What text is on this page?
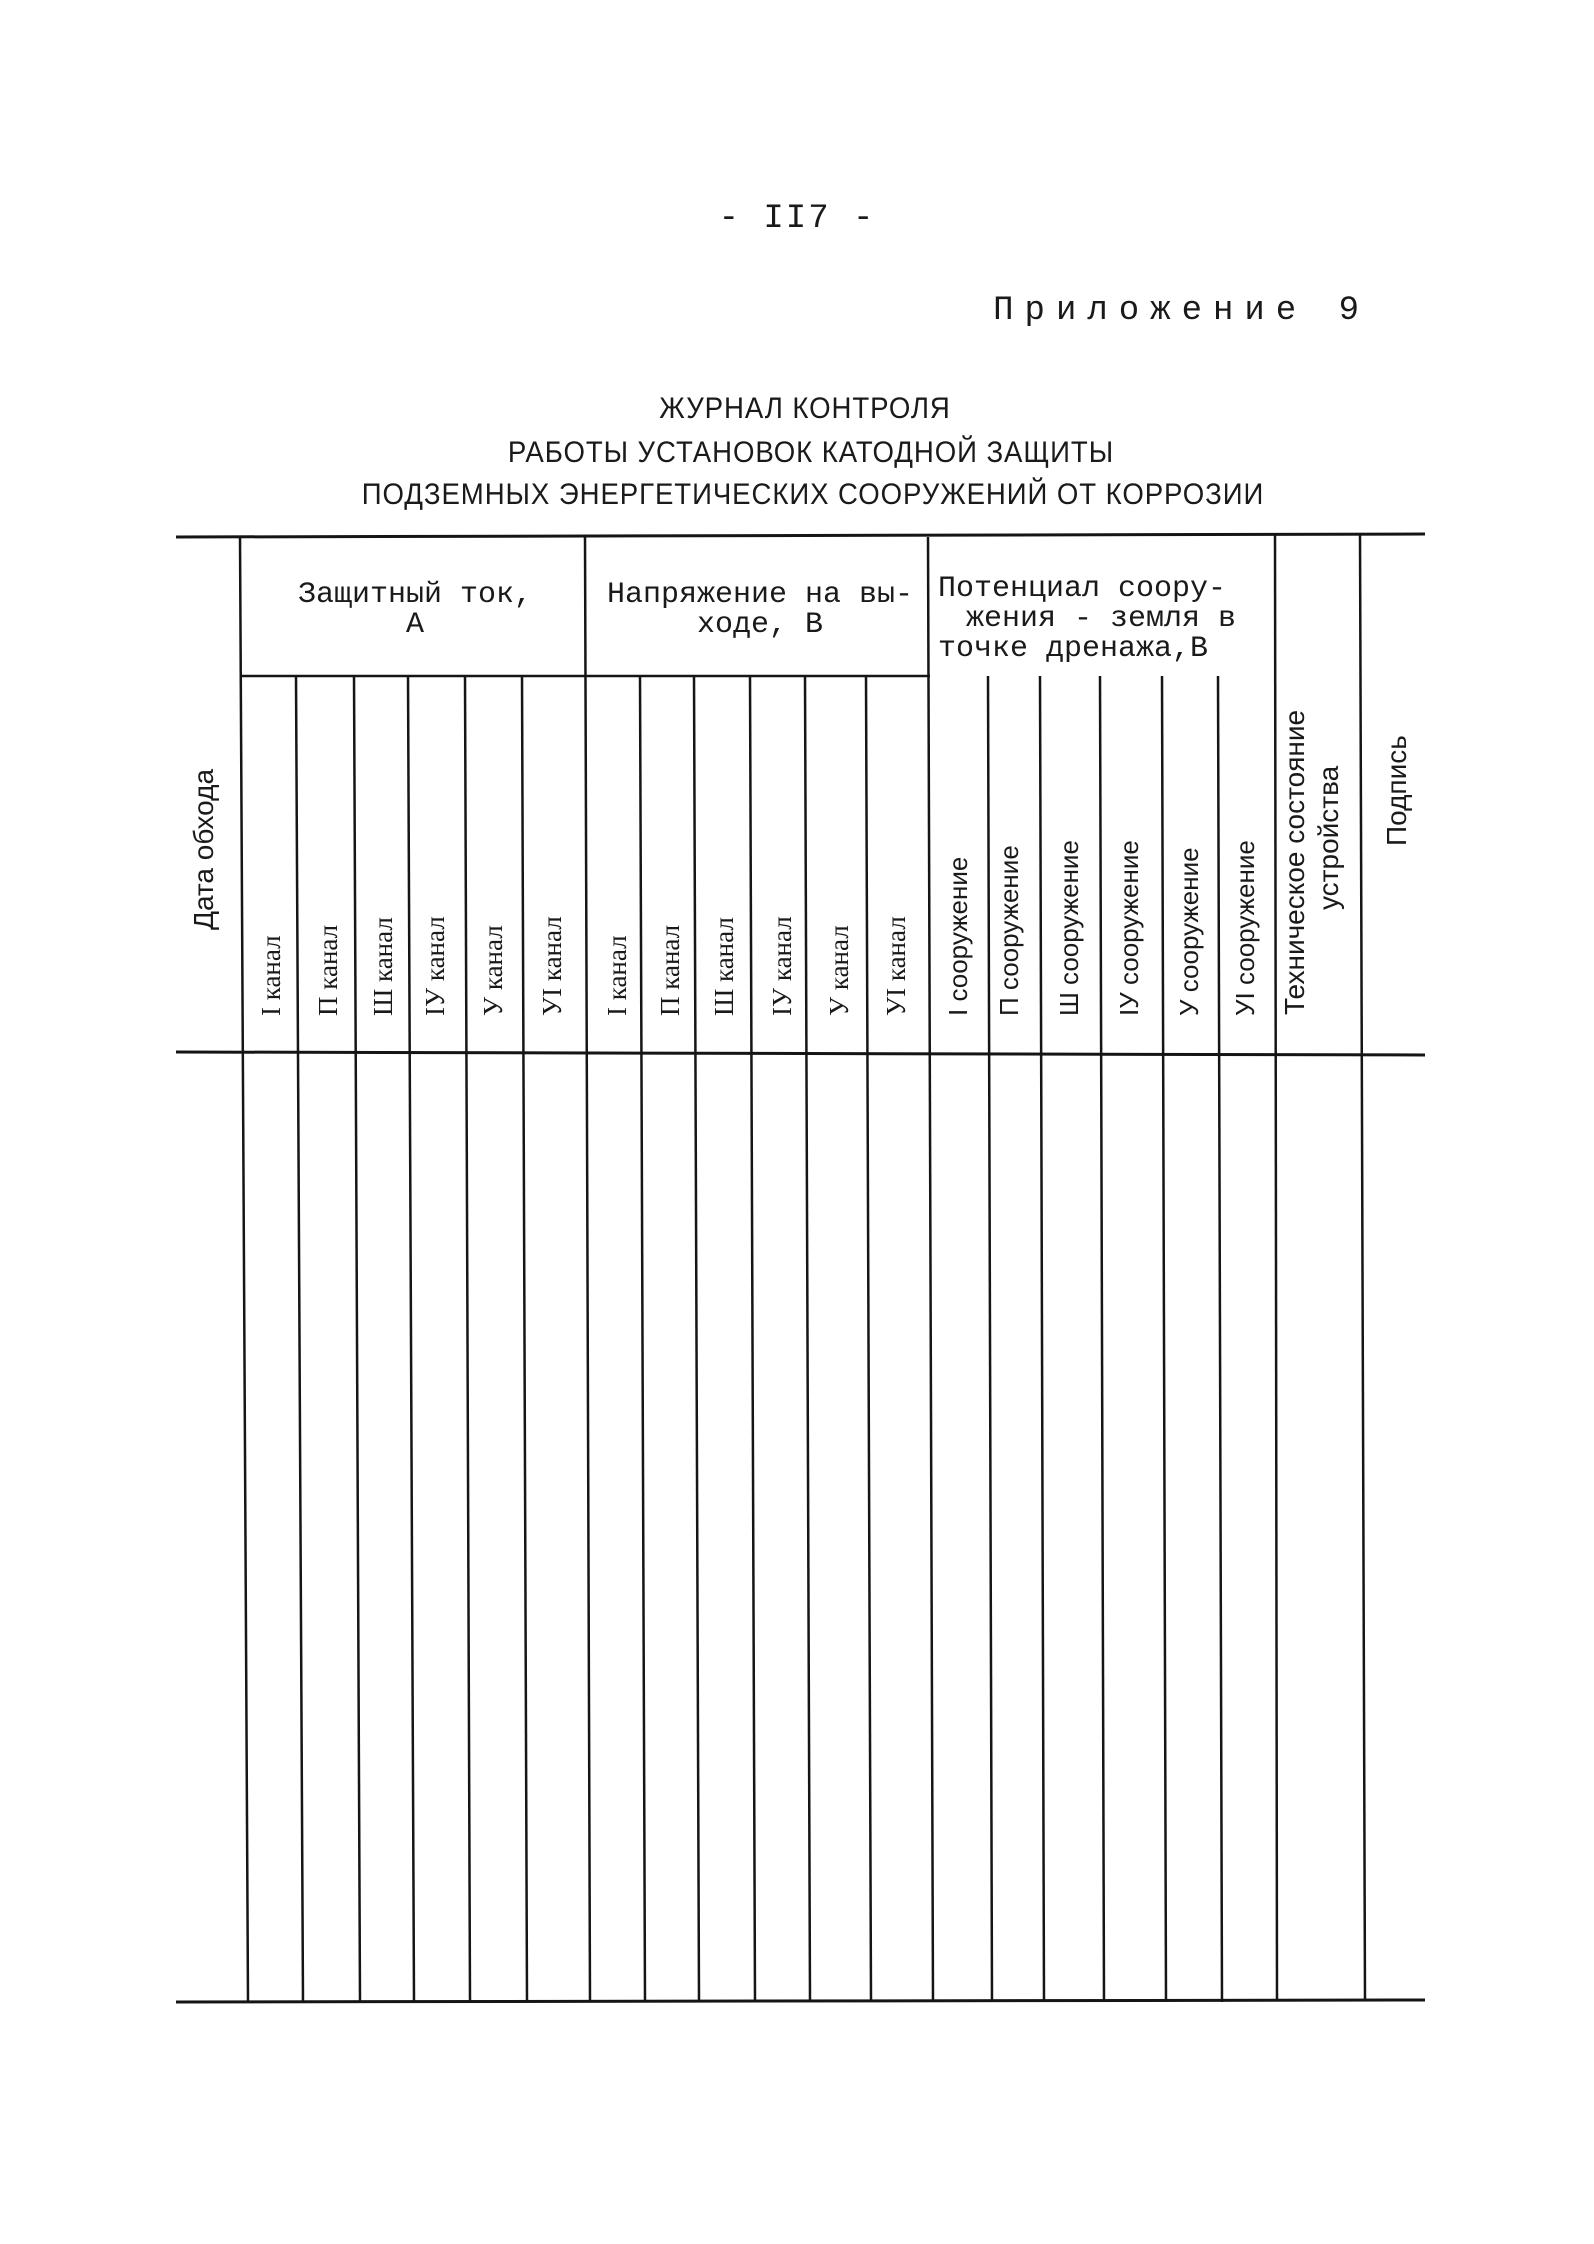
- II7 -
Приложение 9
ЖУРНАЛ КОНТРОЛЯ
РАБОТЫ УСТАНОВОК КАТОДНОЙ ЗАЩИТЫ
ПОДЗЕМНЫХ ЭНЕРГЕТИЧЕСКИХ СООРУЖЕНИЙ ОТ КОРРОЗИИ
Защитный ток,
А
Напряжение на вы-
ходе, В
Потенциал соору-
жения - земля в
точке дренажа,В
Дата обхода
I канал П канал Ш канал ІУ канал У канал УІ канал I канал П канал Ш канал ІУ канал У канал УІ канал I сооружение П сооружение Ш сооружение ІУ сооружение У сооружение УІ сооружение Техническое состояние устройства Подпись
